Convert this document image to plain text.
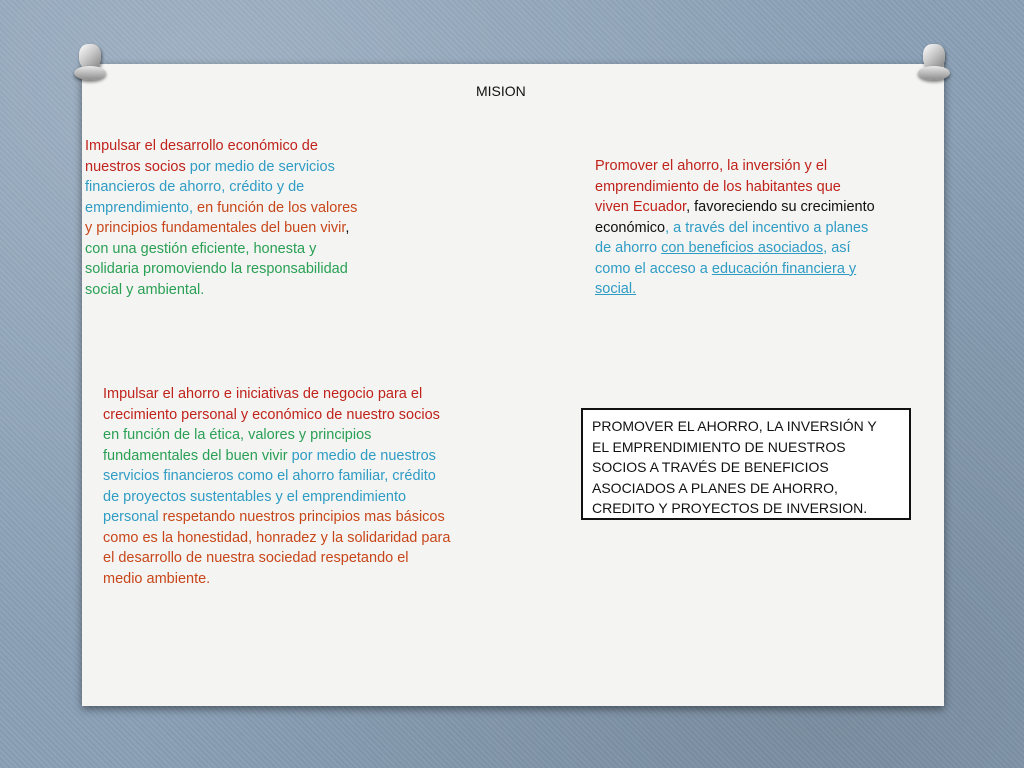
MISION
Impulsar el desarrollo económico de
nuestros socios por medio de servicios
financieros de ahorro, crédito y de
emprendimiento, en función de los valores
y principios fundamentales del buen vivir,
con una gestión eficiente, honesta y
solidaria promoviendo la responsabilidad
social y ambiental.
Promover el ahorro, la inversión y el
emprendimiento de los habitantes que
viven Ecuador, favoreciendo su crecimiento
económico, a través del incentivo a planes
de ahorro con beneficios asociados, así
como el acceso a educación financiera y
social.
Impulsar el ahorro e iniciativas de negocio para el
crecimiento personal y económico de nuestro socios
en función de la ética, valores y principios
fundamentales del buen vivir por medio de nuestros
servicios financieros como el ahorro familiar, crédito
de proyectos sustentables y el emprendimiento
personal respetando nuestros principios mas básicos
como es la honestidad, honradez y la solidaridad para
el desarrollo de nuestra sociedad respetando el
medio ambiente.
PROMOVER EL AHORRO, LA INVERSIÓN Y
EL EMPRENDIMIENTO DE NUESTROS
SOCIOS A TRAVÉS DE BENEFICIOS
ASOCIADOS A PLANES DE AHORRO,
CREDITO Y PROYECTOS DE INVERSION.
